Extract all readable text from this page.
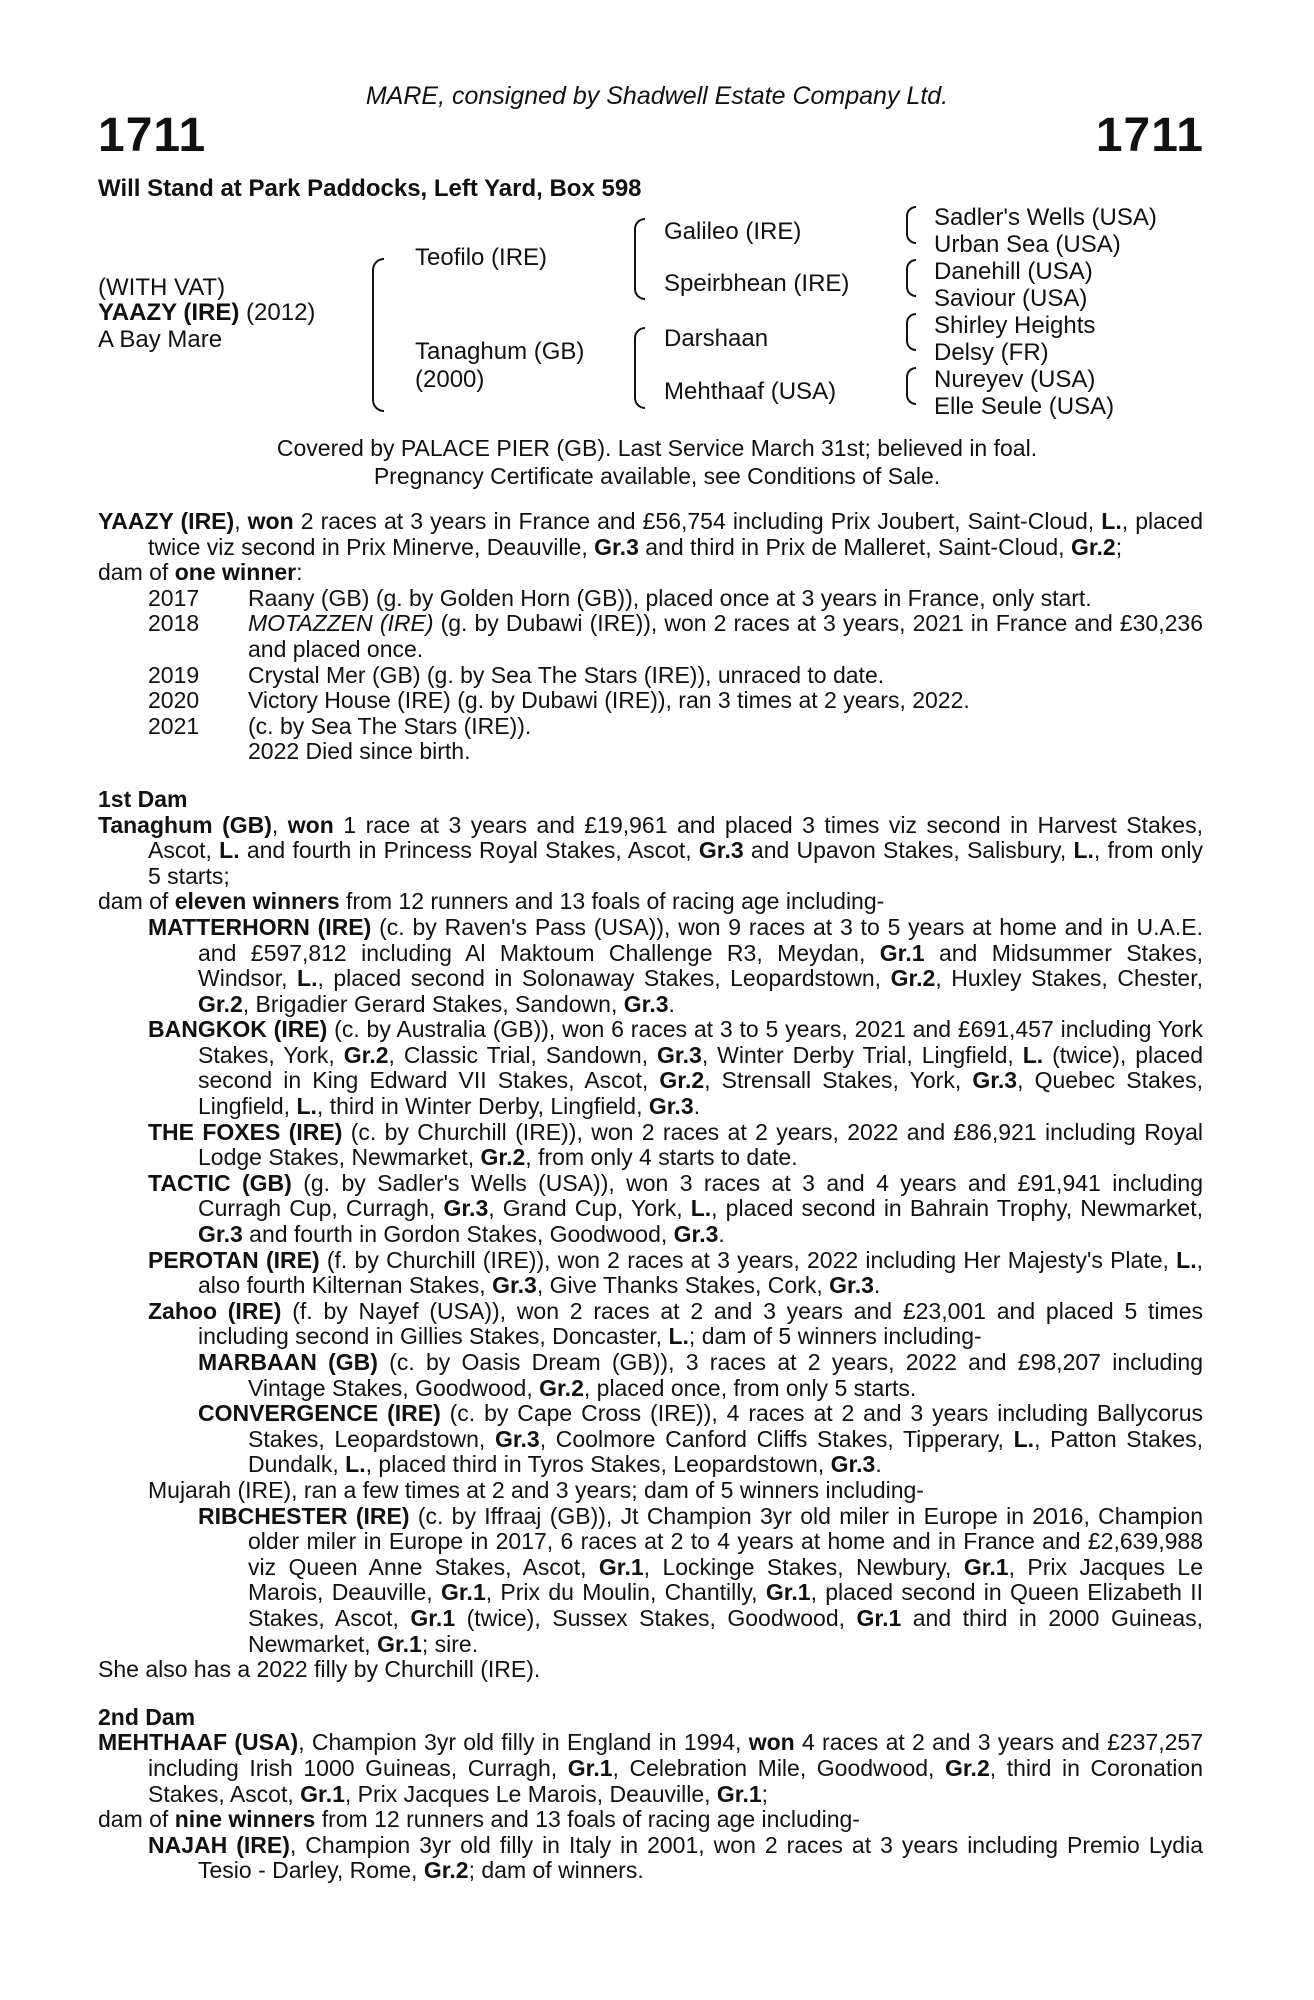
MARE, consigned by Shadwell Estate Company Ltd.
1711	1711
Will Stand at Park Paddocks, Left Yard, Box 598
(WITH VAT)
YAAZY (IRE) (2012)
A Bay Mare
Teofilo (IRE)
Tanaghum (GB)
(2000)
Galileo (IRE)
Speirbhean (IRE)
Darshaan
Mehthaaf (USA)
Sadler's Wells (USA)
Urban Sea (USA)
Danehill (USA)
Saviour (USA)
Shirley Heights
Delsy (FR)
Nureyev (USA)
Elle Seule (USA)
Covered by PALACE PIER (GB). Last Service March 31st; believed in foal.
Pregnancy Certificate available, see Conditions of Sale.
YAAZY (IRE), won 2 races at 3 years in France and £56,754 including Prix Joubert, Saint-Cloud, L., placed twice viz second in Prix Minerve, Deauville, Gr.3 and third in Prix de Malleret, Saint-Cloud, Gr.2;
dam of one winner:
2017 Raany (GB) (g. by Golden Horn (GB)), placed once at 3 years in France, only start.
2018 MOTAZZEN (IRE) (g. by Dubawi (IRE)), won 2 races at 3 years, 2021 in France and £30,236 and placed once.
2019 Crystal Mer (GB) (g. by Sea The Stars (IRE)), unraced to date.
2020 Victory House (IRE) (g. by Dubawi (IRE)), ran 3 times at 2 years, 2022.
2021 (c. by Sea The Stars (IRE)).
2022 Died since birth.
1st Dam
Tanaghum (GB), won 1 race at 3 years and £19,961 and placed 3 times viz second in Harvest Stakes, Ascot, L. and fourth in Princess Royal Stakes, Ascot, Gr.3 and Upavon Stakes, Salisbury, L., from only 5 starts;
dam of eleven winners from 12 runners and 13 foals of racing age including-
MATTERHORN (IRE) (c. by Raven's Pass (USA)), won 9 races at 3 to 5 years at home and in U.A.E. and £597,812 including Al Maktoum Challenge R3, Meydan, Gr.1 and Midsummer Stakes, Windsor, L., placed second in Solonaway Stakes, Leopardstown, Gr.2, Huxley Stakes, Chester, Gr.2, Brigadier Gerard Stakes, Sandown, Gr.3.
BANGKOK (IRE) (c. by Australia (GB)), won 6 races at 3 to 5 years, 2021 and £691,457 including York Stakes, York, Gr.2, Classic Trial, Sandown, Gr.3, Winter Derby Trial, Lingfield, L. (twice), placed second in King Edward VII Stakes, Ascot, Gr.2, Strensall Stakes, York, Gr.3, Quebec Stakes, Lingfield, L., third in Winter Derby, Lingfield, Gr.3.
THE FOXES (IRE) (c. by Churchill (IRE)), won 2 races at 2 years, 2022 and £86,921 including Royal Lodge Stakes, Newmarket, Gr.2, from only 4 starts to date.
TACTIC (GB) (g. by Sadler's Wells (USA)), won 3 races at 3 and 4 years and £91,941 including Curragh Cup, Curragh, Gr.3, Grand Cup, York, L., placed second in Bahrain Trophy, Newmarket, Gr.3 and fourth in Gordon Stakes, Goodwood, Gr.3.
PEROTAN (IRE) (f. by Churchill (IRE)), won 2 races at 3 years, 2022 including Her Majesty's Plate, L., also fourth Kilternan Stakes, Gr.3, Give Thanks Stakes, Cork, Gr.3.
Zahoo (IRE) (f. by Nayef (USA)), won 2 races at 2 and 3 years and £23,001 and placed 5 times including second in Gillies Stakes, Doncaster, L.; dam of 5 winners including-
MARBAAN (GB) (c. by Oasis Dream (GB)), 3 races at 2 years, 2022 and £98,207 including Vintage Stakes, Goodwood, Gr.2, placed once, from only 5 starts.
CONVERGENCE (IRE) (c. by Cape Cross (IRE)), 4 races at 2 and 3 years including Ballycorus Stakes, Leopardstown, Gr.3, Coolmore Canford Cliffs Stakes, Tipperary, L., Patton Stakes, Dundalk, L., placed third in Tyros Stakes, Leopardstown, Gr.3.
Mujarah (IRE), ran a few times at 2 and 3 years; dam of 5 winners including-
RIBCHESTER (IRE) (c. by Iffraaj (GB)), Jt Champion 3yr old miler in Europe in 2016, Champion older miler in Europe in 2017, 6 races at 2 to 4 years at home and in France and £2,639,988 viz Queen Anne Stakes, Ascot, Gr.1, Lockinge Stakes, Newbury, Gr.1, Prix Jacques Le Marois, Deauville, Gr.1, Prix du Moulin, Chantilly, Gr.1, placed second in Queen Elizabeth II Stakes, Ascot, Gr.1 (twice), Sussex Stakes, Goodwood, Gr.1 and third in 2000 Guineas, Newmarket, Gr.1; sire.
She also has a 2022 filly by Churchill (IRE).
2nd Dam
MEHTHAAF (USA), Champion 3yr old filly in England in 1994, won 4 races at 2 and 3 years and £237,257 including Irish 1000 Guineas, Curragh, Gr.1, Celebration Mile, Goodwood, Gr.2, third in Coronation Stakes, Ascot, Gr.1, Prix Jacques Le Marois, Deauville, Gr.1;
dam of nine winners from 12 runners and 13 foals of racing age including-
NAJAH (IRE), Champion 3yr old filly in Italy in 2001, won 2 races at 3 years including Premio Lydia Tesio - Darley, Rome, Gr.2; dam of winners.
